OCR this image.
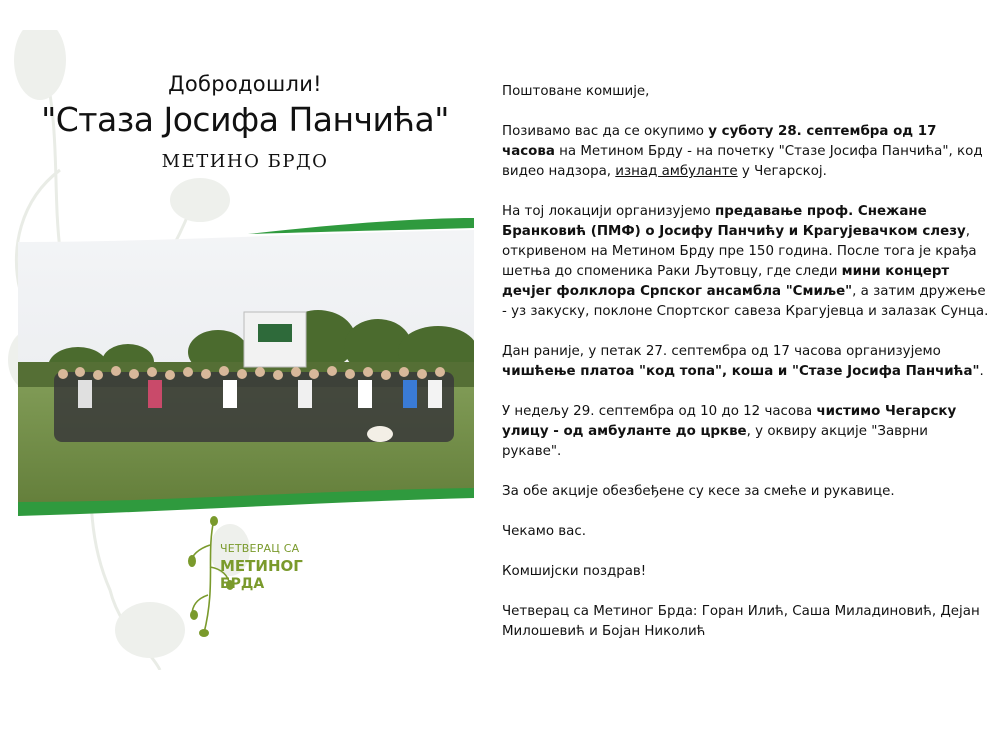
Добродошли!
"Стаза Јосифа Панчића"
МЕТИНО БРДО
ЧЕТВЕРАЦ СА
МЕТИНОГ
БРДА

Поштоване комшије,

Позивамо вас да се окупимо у суботу 28. септембра од 17 часова на Метином Брду - на почетку "Стазе Јосифа Панчића", код видео надзора, изнад амбуланте у Чегарској.

На тој локацији организујемо предавање проф. Снежане Бранковић (ПМФ) о Јосифу Панчићу и Крагујевачком слезу, откривеном на Метином Брду пре 150 година. После тога је крађа шетња до споменика Раки Љутовцу, где следи мини концерт дечјег фолклора Српског ансамбла "Смиље", а затим дружење - уз закуску, поклоне Спортског савеза Крагујевца и залазак Сунца.

Дан раније, у петак 27. септембра од 17 часова организујемо чишћење платоа "код топа", коша и "Стазе Јосифа Панчића".

У недељу 29. септембра од 10 до 12 часова чистимо Чегарску улицу - од амбуланте до цркве, у оквиру акције "Заврни рукаве".

За обе акције обезбеђене су кесе за смеће и рукавице.

Чекамо вас.

Комшијски поздрав!

Четверац са Метиног Брда: Горан Илић, Саша Миладиновић, Дејан Милошевић и Бојан Николић
